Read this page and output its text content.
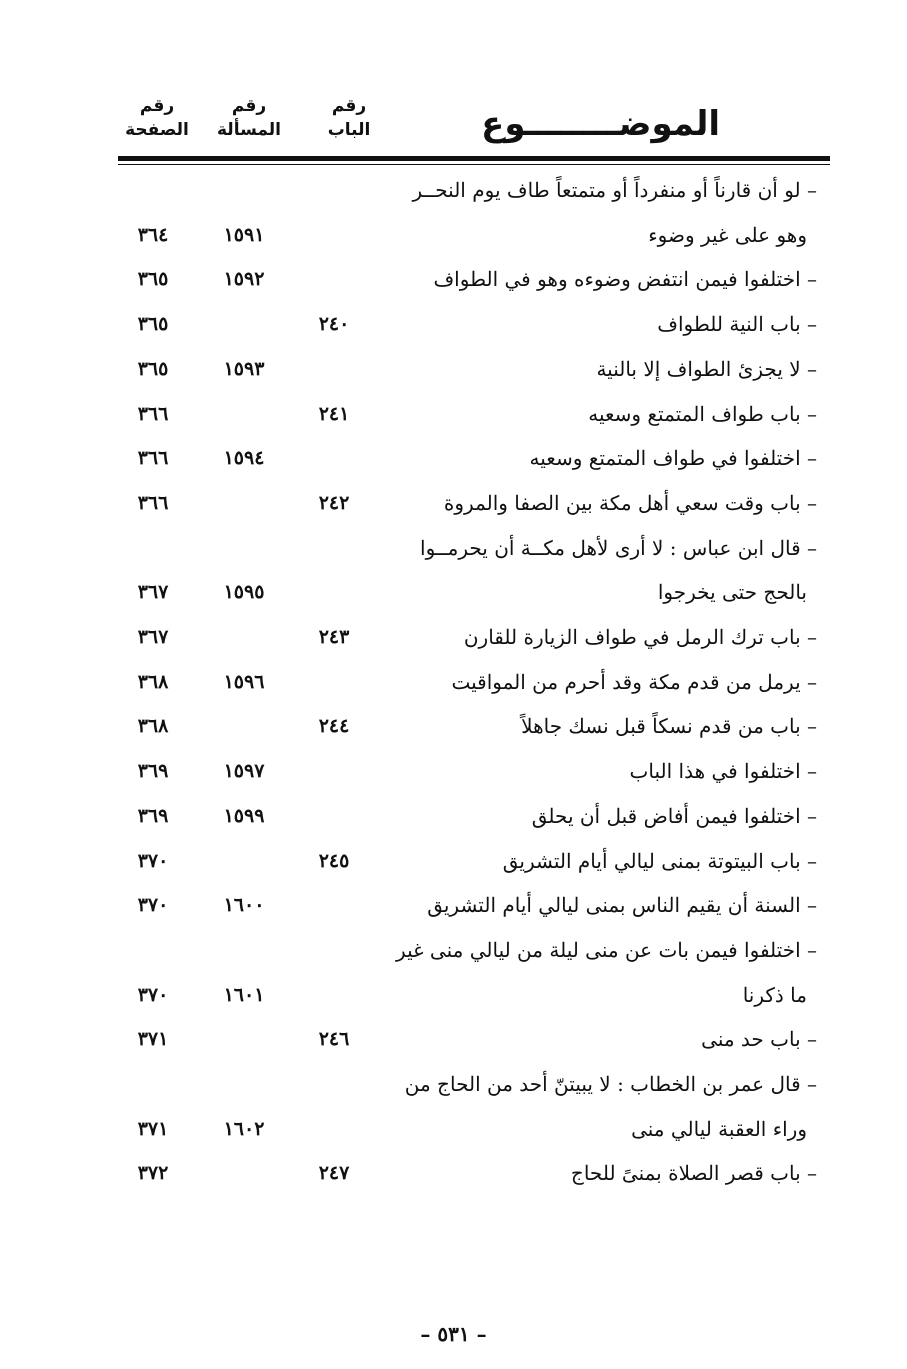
رقم
الصفحة
رقم
المسألة
رقم
الباب	الموضــــــــوع
– لو أن قارناً أو منفرداً أو متمتعاً طاف يوم النحــر
وهو على غير وضوء
١٥٩١
٣٦٤
– اختلفوا فيمن انتفض وضوءه وهو في الطواف
١٥٩٢
٣٦٥
– باب النية للطواف
٢٤٠
٣٦٥
– لا يجزئ الطواف إلا بالنية
١٥٩٣
٣٦٥
– باب طواف المتمتع وسعيه
٢٤١
٣٦٦
– اختلفوا في طواف المتمتع وسعيه
١٥٩٤
٣٦٦
– باب وقت سعي أهل مكة بين الصفا والمروة
٢٤٢
٣٦٦
– قال ابن عباس : لا أرى لأهل مكــة أن يحرمــوا
بالحج حتى يخرجوا
١٥٩٥
٣٦٧
– باب ترك الرمل في طواف الزيارة للقارن
٢٤٣
٣٦٧
– يرمل من قدم مكة وقد أحرم من المواقيت
١٥٩٦
٣٦٨
– باب من قدم نسكاً قبل نسك جاهلاً
٢٤٤
٣٦٨
– اختلفوا في هذا الباب
١٥٩٧
٣٦٩
– اختلفوا فيمن أفاض قبل أن يحلق
١٥٩٩
٣٦٩
– باب البيتوتة بمنى ليالي أيام التشريق
٢٤٥
٣٧٠
– السنة أن يقيم الناس بمنى ليالي أيام التشريق
١٦٠٠
٣٧٠
– اختلفوا فيمن بات عن منى ليلة من ليالي منى غير
ما ذكرنا
١٦٠١
٣٧٠
– باب حد منى
٢٤٦
٣٧١
– قال عمر بن الخطاب : لا يبيتنّ أحد من الحاج من
وراء العقبة ليالي منى
١٦٠٢
٣٧١
– باب قصر الصلاة بمنىً للحاج
٢٤٧
٣٧٢
– ٥٣١ –
